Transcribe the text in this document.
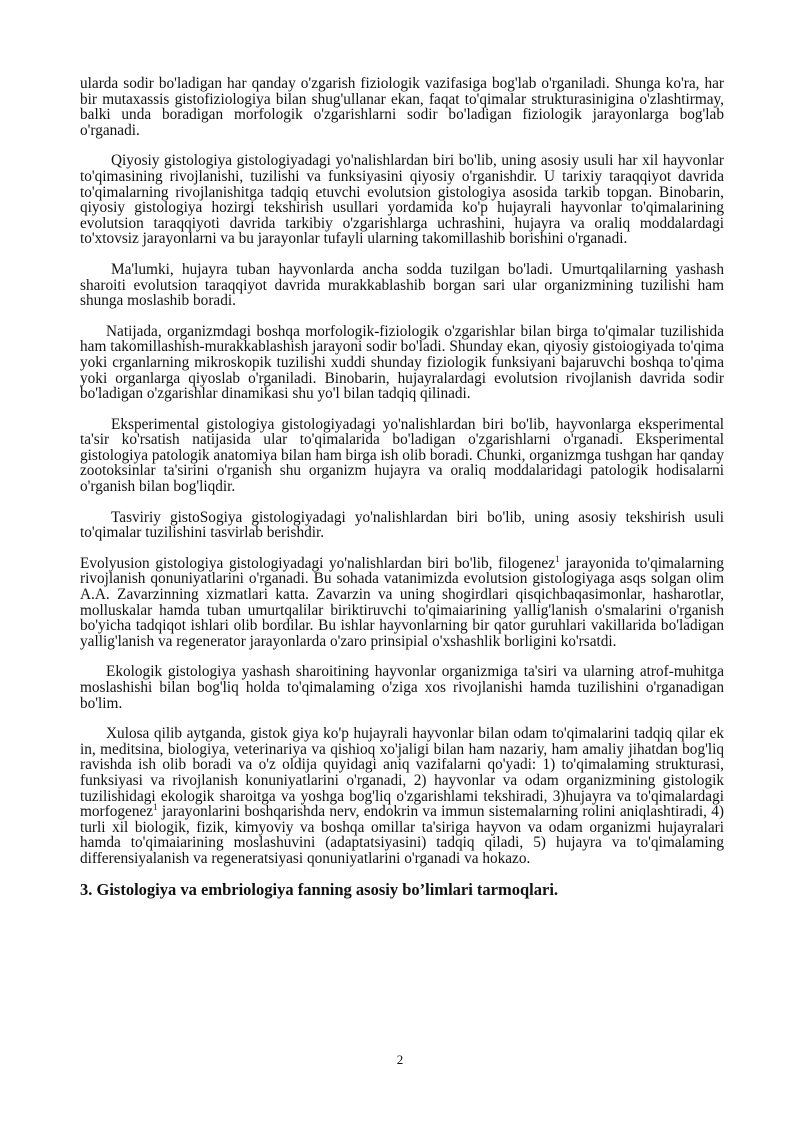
ularda sodir bo'ladigan har qanday o'zgarish fiziologik vazifasiga bog'lab o'rganiladi. Shunga ko'ra, har bir mutaxassis gistofiziologiya bilan shug'ullanar ekan, faqat to'qimalar strukturasinigina o'zlashtirmay, balki unda boradigan morfologik o'zgarishlarni sodir bo'ladigan fiziologik jarayonlarga bog'lab o'rganadi.

Qiyosiy gistologiya gistologiyadagi yo'nalishlardan biri bo'lib, uning asosiy usuli har xil hayvonlar to'qimasining rivojlanishi, tuzilishi va funksiyasini qiyosiy o'rganishdir. U tarixiy taraqqiyot davrida to'qimalarning rivojlanishitga tadqiq etuvchi evolutsion gistologiya asosida tarkib topgan. Binobarin, qiyosiy gistologiya hozirgi tekshirish usullari yordamida ko'p hujayrali hayvonlar to'qimalarining evolutsion taraqqiyoti davrida tarkibiy o'zgarishlarga uchrashini, hujayra va oraliq moddalardagi to'xtovsiz jarayonlarni va bu jarayonlar tufayli ularning takomillashib borishini o'rganadi.

Ma'lumki, hujayra tuban hayvonlarda ancha sodda tuzilgan bo'ladi. Umurtqalilarning yashash sharoiti evolutsion taraqqiyot davrida murakkablashib borgan sari ular organizmining tuzilishi ham shunga moslashib boradi.

Natijada, organizmdagi boshqa morfologik-fiziologik o'zgarishlar bilan birga to'qimalar tuzilishida ham takomillashish-murakkablashish jarayoni sodir bo'ladi. Shunday ekan, qiyosiy gistoiogiyada to'qima yoki crganlarning mikroskopik tuzilishi xuddi shunday fiziologik funksiyani bajaruvchi boshqa to'qima yoki organlarga qiyoslab o'rganiladi. Binobarin, hujayralardagi evolutsion rivojlanish davrida sodir bo'ladigan o'zgarishlar dinamikasi shu yo'l bilan tadqiq qilinadi.

Eksperimental gistologiya gistologiyadagi yo'nalishlardan biri bo'lib, hayvonlarga eksperimental ta'sir ko'rsatish natijasida ular to'qimalarida bo'ladigan o'zgarishlarni o'rganadi. Eksperimental gistologiya patologik anatomiya bilan ham birga ish olib boradi. Chunki, organizmga tushgan har qanday zootoksinlar ta'sirini o'rganish shu organizm hujayra va oraliq moddalaridagi patologik hodisalarni o'rganish bilan bog'liqdir.

Tasviriy gistoSogiya gistologiyadagi yo'nalishlardan biri bo'lib, uning asosiy tekshirish usuli to'qimalar tuzilishini tasvirlab berishdir.

Evolyusion gistologiya gistologiyadagi yo'nalishlardan biri bo'lib, filogenez$^1$ jarayonida to'qimalarning rivojlanish qonuniyatlarini o'rganadi. Bu sohada vatanimizda evolutsion gistologiyaga asqs solgan olim A.A. Zavarzinning xizmatlari katta. Zavarzin va uning shogirdlari qisqichbaqasimonlar, hasharotlar, molluskalar hamda tuban umurtqalilar biriktiruvchi to'qimaiarining yallig'lanish o'smalarini o'rganish bo'yicha tadqiqot ishlari olib bordilar. Bu ishlar hayvonlarning bir qator guruhlari vakillarida bo'ladigan yallig'lanish va regenerator jarayonlarda o'zaro prinsipial o'xshashlik borligini ko'rsatdi.

Ekologik gistologiya yashash sharoitining hayvonlar organizmiga ta'siri va ularning atrof-muhitga moslashishi bilan bog'liq holda to'qimalaming o'ziga xos rivojlanishi hamda tuzilishini o'rganadigan bo'lim.

Xulosa qilib aytganda, gistok giya ko'p hujayrali hayvonlar bilan odam to'qimalarini tadqiq qilar ek in, meditsina, biologiya, veterinariya va qishioq xo'jaligi bilan ham nazariy, ham amaliy jihatdan bog'liq ravishda ish olib boradi va o'z oldija quyidagi aniq vazifalarni qo'yadi: 1) to'qimalaming strukturasi, funksiyasi va rivojlanish konuniyatlarini o'rganadi, 2) hayvonlar va odam organizmining gistologik tuzilishidagi ekologik sharoitga va yoshga bog'liq o'zgarishlami tekshiradi, 3)hujayra va to'qimalardagi morfogenez$^1$ jarayonlarini boshqarishda nerv, endokrin va immun sistemalarning rolini aniqlashtiradi, 4) turli xil biologik, fizik, kimyoviy va boshqa omillar ta'siriga hayvon va odam organizmi hujayralari hamda to'qimaiarining moslashuvini (adaptatsiyasini) tadqiq qiladi, 5) hujayra va to'qimalaming differensiyalanish va regeneratsiyasi qonuniyatlarini o'rganadi va hokazo.

3. Gistologiya va embriologiya fanning asosiy bo’limlari tarmoqlari.
2
